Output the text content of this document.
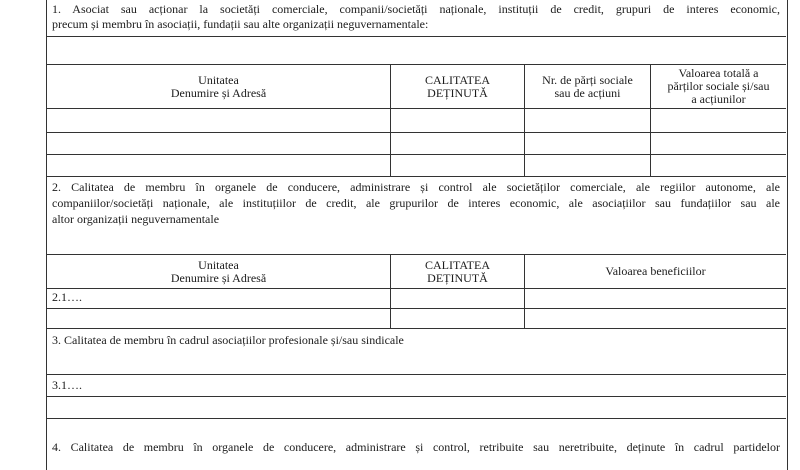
1. Asociat sau acționar la societăți comerciale, companii/societăți naționale, instituții de credit, grupuri de interes economic,
precum și membru în asociații, fundații sau alte organizații neguvernamentale:
Unitatea
Denumire și Adresă
CALITATEA
DEȚINUTĂ
Nr. de părți sociale
sau de acțiuni
Valoarea totală a
părților sociale și/sau
a acțiunilor
2. Calitatea de membru în organele de conducere, administrare și control ale societăților comerciale, ale regiilor autonome, ale
companiilor/societăți naționale, ale instituțiilor de credit, ale grupurilor de interes economic, ale asociațiilor sau fundațiilor sau ale
altor organizații neguvernamentale
Unitatea
Denumire și Adresă
CALITATEA
DEȚINUTĂ	Valoarea beneficiilor
2.1….
3. Calitatea de membru în cadrul asociațiilor profesionale și/sau sindicale
3.1….
4. Calitatea de membru în organele de conducere, administrare și control, retribuite sau neretribuite, deținute în cadrul partidelor
